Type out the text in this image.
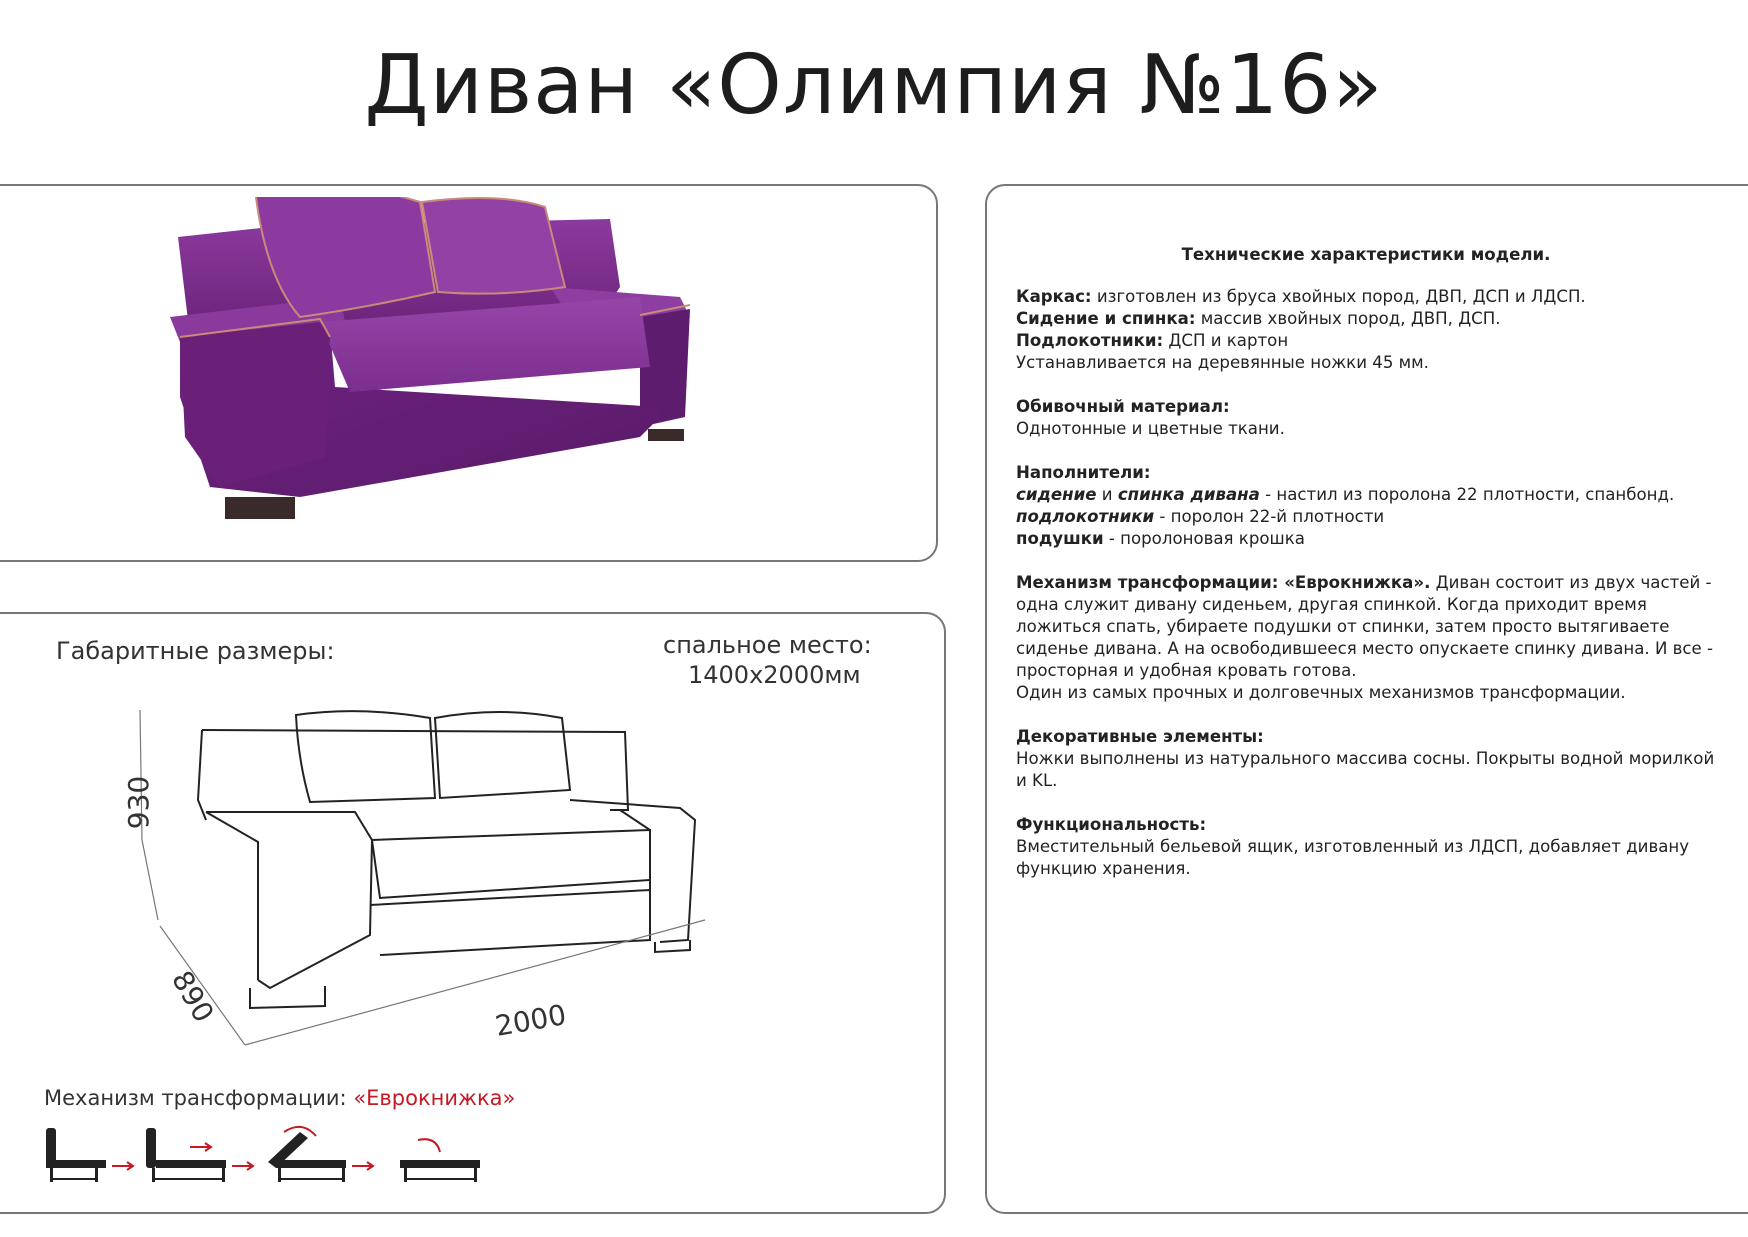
Диван «Олимпия №16»
Габаритные размеры:	спальное место:
1400x2000мм
930
890	2000
Механизм трансформации: «Еврокнижка»
Технические характеристики модели.

Каркас: изготовлен из бруса хвойных пород, ДВП, ДСП и ЛДСП.
Сидение и спинка: массив хвойных пород, ДВП, ДСП.
Подлокотники: ДСП и картон
Устанавливается на деревянные ножки 45 мм.

Обивочный материал:
Однотонные и цветные ткани.

Наполнители:
сидение и спинка дивана - настил из поролона 22 плотности, спанбонд.
подлокотники - поролон 22-й плотности
подушки - поролоновая крошка

Механизм трансформации: «Еврокнижка». Диван состоит из двух частей - одна служит дивану сиденьем, другая спинкой. Когда приходит время ложиться спать, убираете подушки от спинки, затем просто вытягиваете сиденье дивана. А на освободившееся место опускаете спинку дивана. И все - просторная и удобная кровать готова.
Один из самых прочных и долговечных механизмов трансформации.

Декоративные элементы:
Ножки выполнены из натурального массива сосны. Покрыты водной морилкой и KL.

Функциональность:
Вместительный бельевой ящик, изготовленный из ЛДСП, добавляет дивану функцию хранения.
